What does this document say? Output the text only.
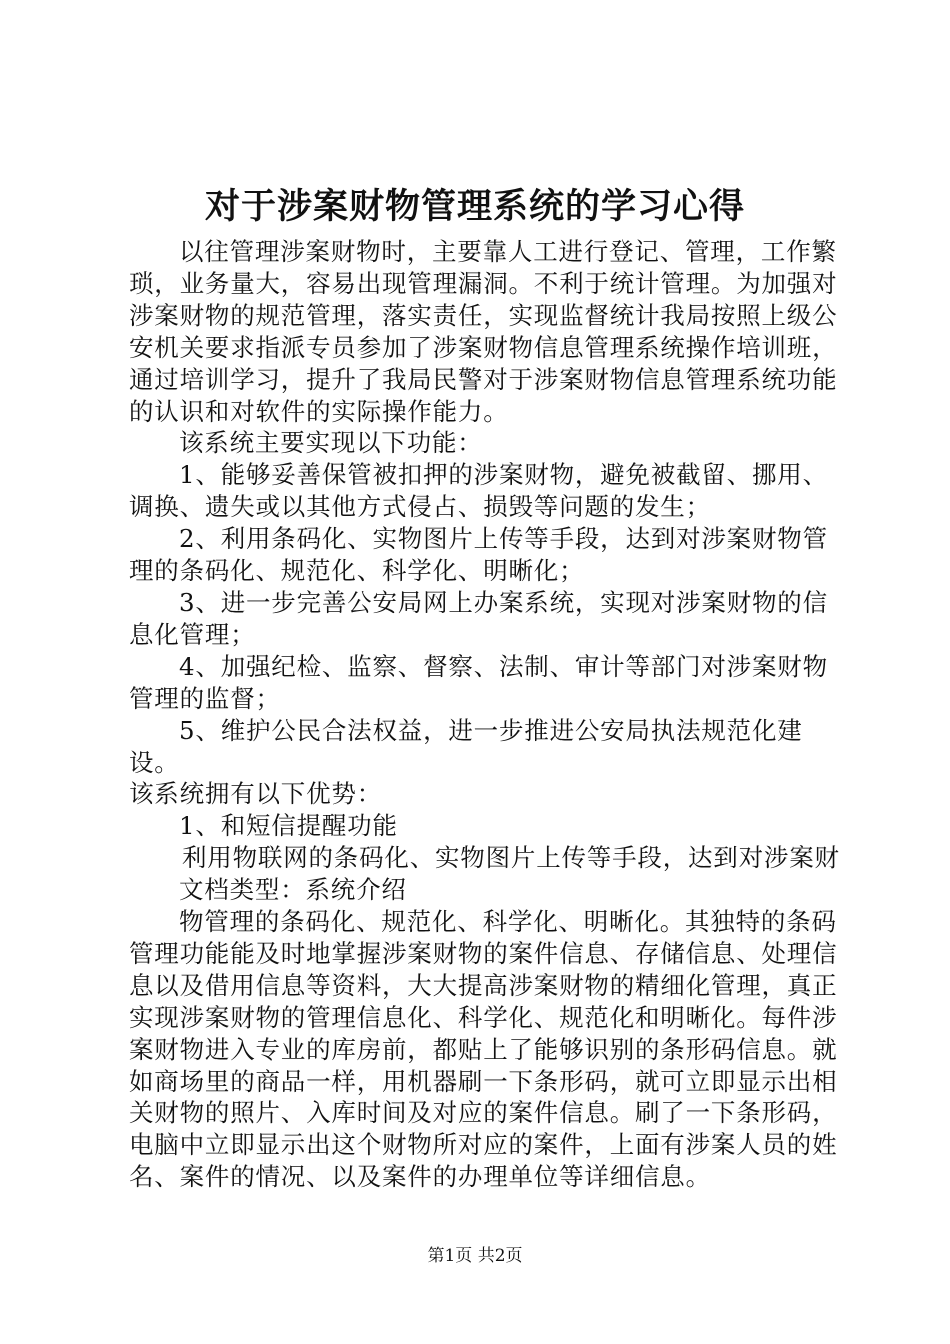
对于涉案财物管理系统的学习心得

以往管理涉案财物时，主要靠人工进行登记、管理，工作繁琐，业务量大，容易出现管理漏洞。不利于统计管理。为加强对涉案财物的规范管理，落实责任，实现监督统计我局按照上级公安机关要求指派专员参加了涉案财物信息管理系统操作培训班，通过培训学习，提升了我局民警对于涉案财物信息管理系统功能的认识和对软件的实际操作能力。

该系统主要实现以下功能：

1、能够妥善保管被扣押的涉案财物，避免被截留、挪用、调换、遗失或以其他方式侵占、损毁等问题的发生；

2、利用条码化、实物图片上传等手段，达到对涉案财物管理的条码化、规范化、科学化、明晰化；

3、进一步完善公安局网上办案系统，实现对涉案财物的信息化管理；

4、加强纪检、监察、督察、法制、审计等部门对涉案财物管理的监督；

5、维护公民合法权益，进一步推进公安局执法规范化建设。

该系统拥有以下优势：

1、和短信提醒功能

利用物联网的条码化、实物图片上传等手段，达到对涉案财

文档类型：系统介绍

物管理的条码化、规范化、科学化、明晰化。其独特的条码管理功能能及时地掌握涉案财物的案件信息、存储信息、处理信息以及借用信息等资料，大大提高涉案财物的精细化管理，真正实现涉案财物的管理信息化、科学化、规范化和明晰化。每件涉案财物进入专业的库房前，都贴上了能够识别的条形码信息。就如商场里的商品一样，用机器刷一下条形码，就可立即显示出相关财物的照片、入库时间及对应的案件信息。刷了一下条形码，电脑中立即显示出这个财物所对应的案件，上面有涉案人员的姓名、案件的情况、以及案件的办理单位等详细信息。

第1页 共2页
